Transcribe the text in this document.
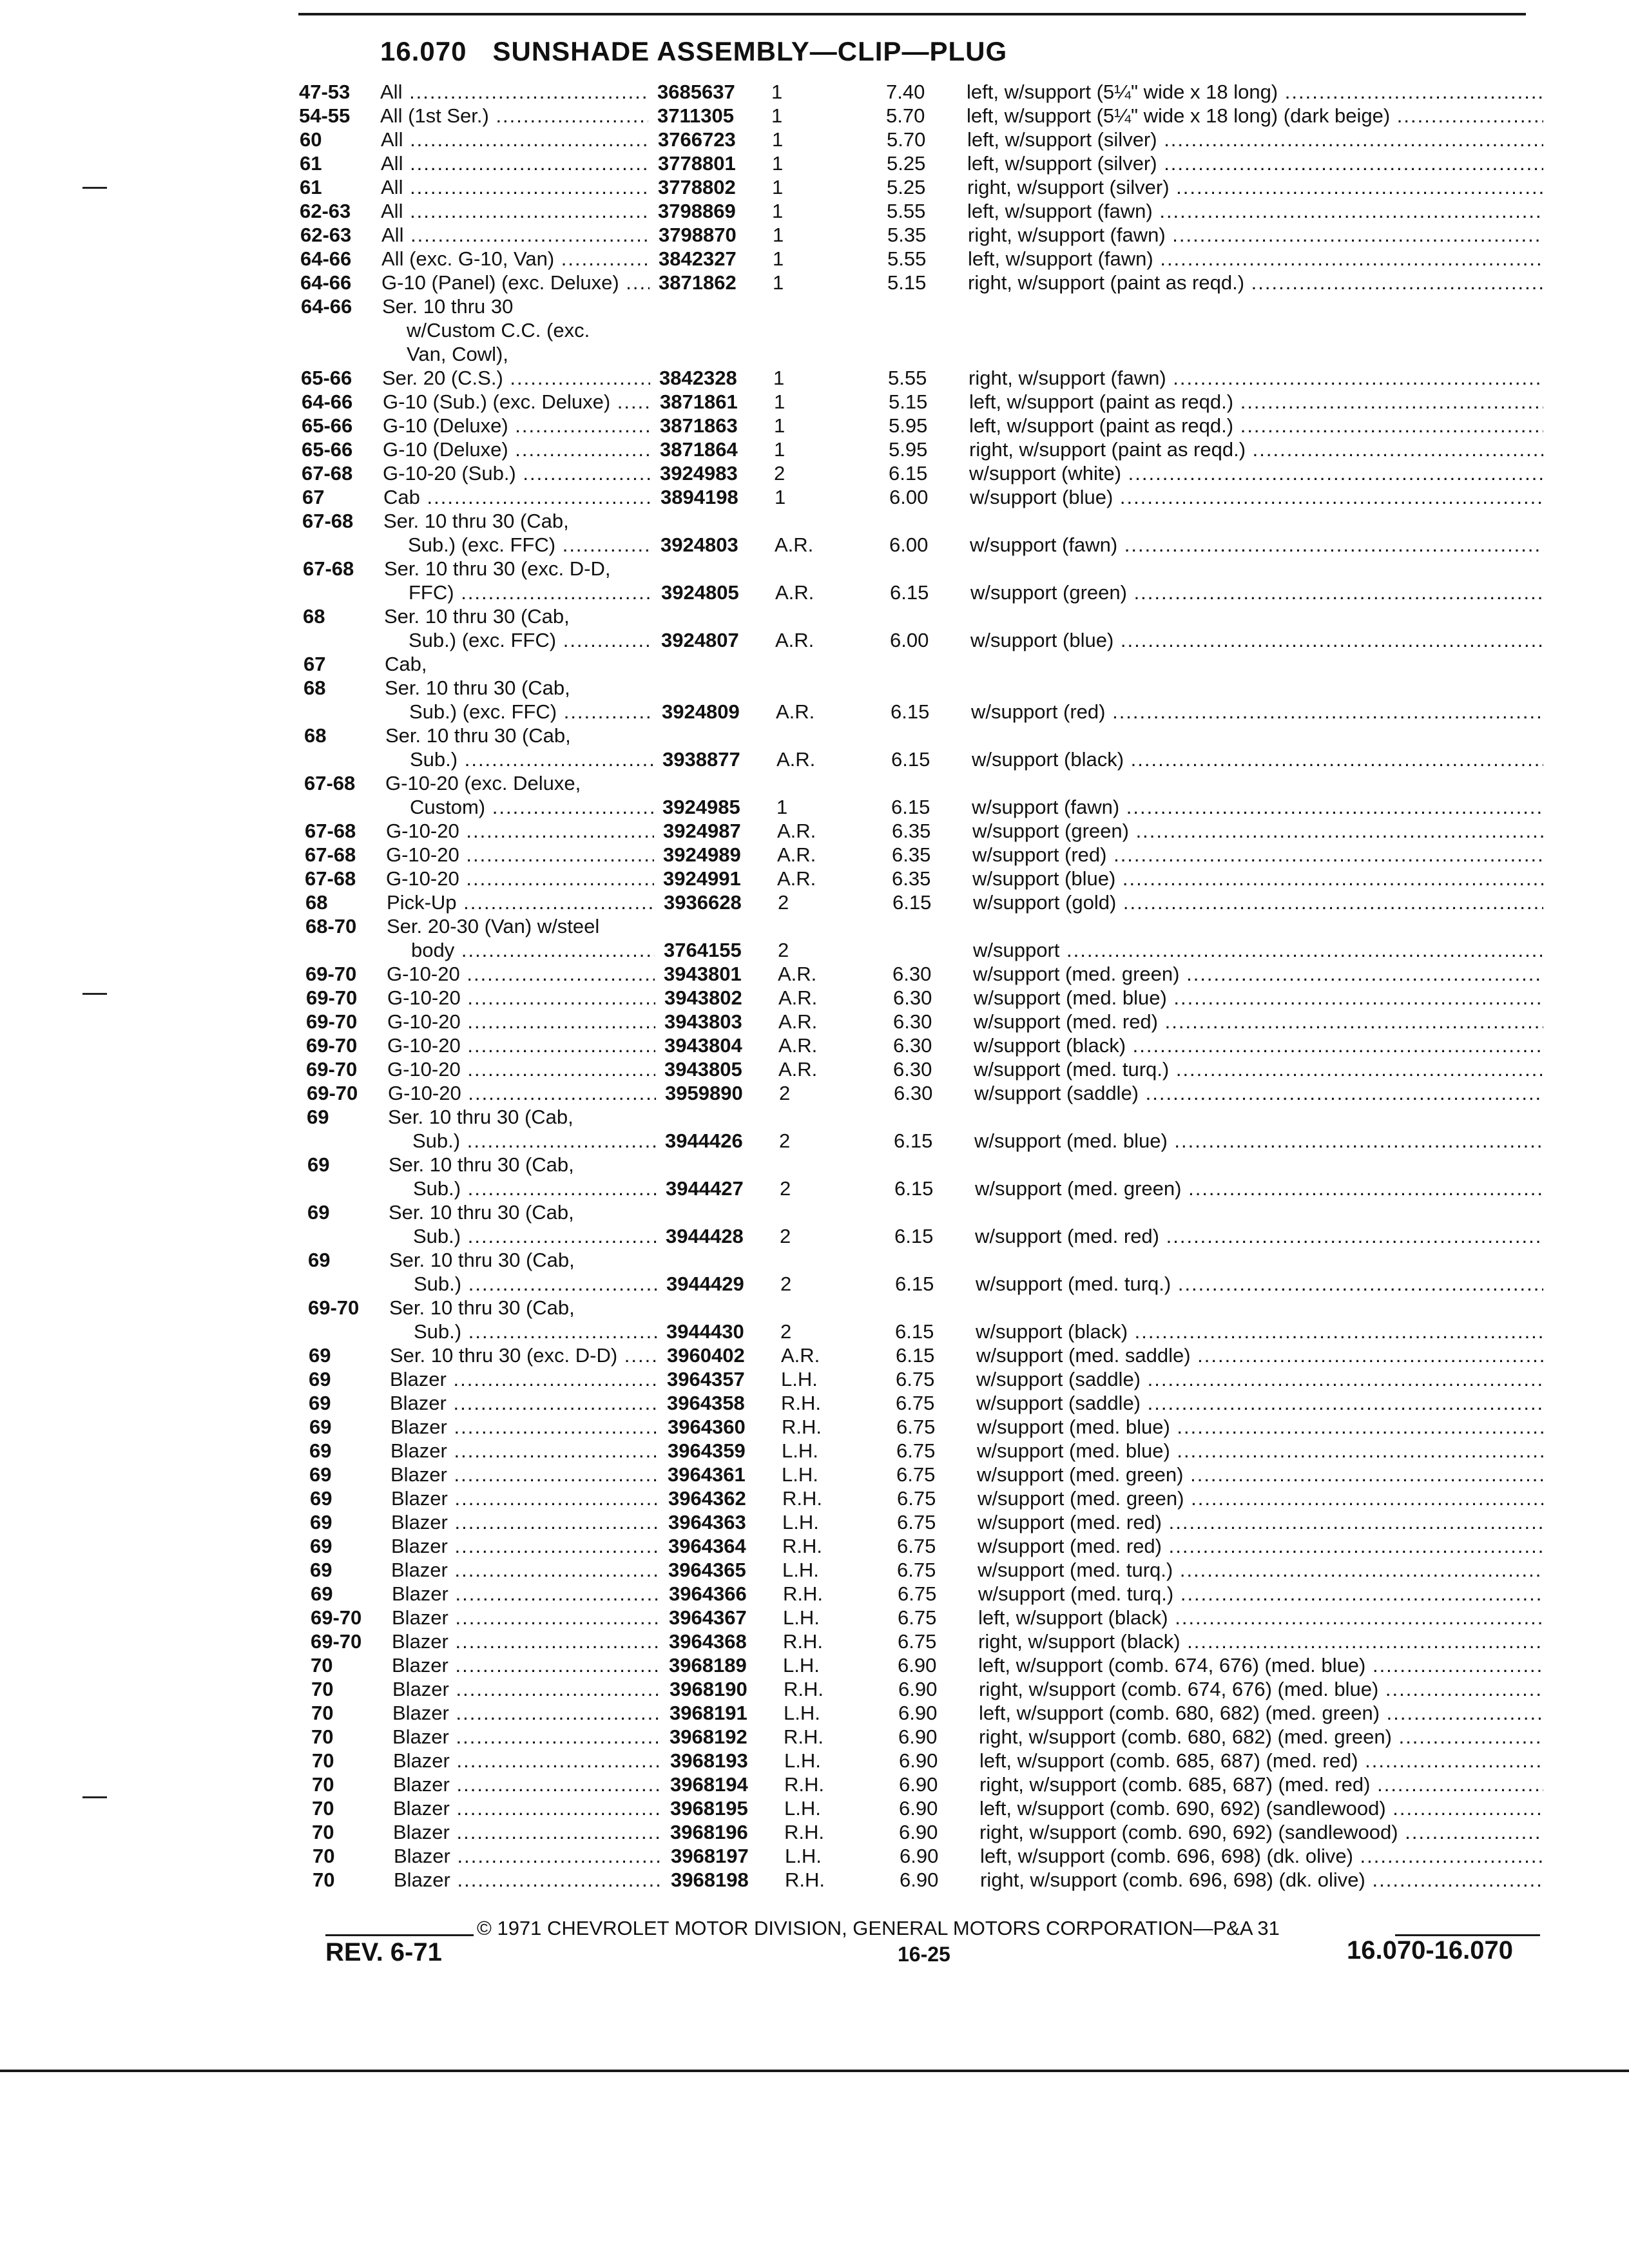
16.070 SUNSHADE ASSEMBLY—CLIP—PLUG
47-53 All .....	3685637 1	7.40 left, w/support (5¼" wide x 18 long) .....
54-55 All (1st Ser.) .....	3711305 1	5.70 left, w/support (5¼" wide x 18 long) (dark beige) .....
60	All .....	3766723 1	5.70 left, w/support (silver) .....
61	All .....	3778801 1	5.25 left, w/support (silver) .....
61	All .....	3778802 1	5.25 right, w/support (silver) .....
62-63 All .....	3798869 1	5.55 left, w/support (fawn) .....
62-63 All .....	3798870 1	5.35 right, w/support (fawn) .....
64-66 All (exc. G-10, Van) .....	3842327 1	5.55 left, w/support (fawn) .....
64-66 G-10 (Panel) (exc. Deluxe) .....	3871862 1	5.15 right, w/support (paint as reqd.) .....
64-66 Ser. 10 thru 30
w/Custom C.C. (exc.
Van, Cowl),
65-66 Ser. 20 (C.S.) .....	3842328 1	5.55 right, w/support (fawn) .....
64-66 G-10 (Sub.) (exc. Deluxe) .....	3871861 1	5.15 left, w/support (paint as reqd.) .....
65-66 G-10 (Deluxe) .....	3871863 1	5.95 left, w/support (paint as reqd.) .....
65-66 G-10 (Deluxe) .....	3871864 1	5.95 right, w/support (paint as reqd.) .....
67-68 G-10-20 (Sub.) .....	3924983 2	6.15 w/support (white) .....
67	Cab .....	3894198 1	6.00 w/support (blue) .....
67-68 Ser. 10 thru 30 (Cab,
Sub.) (exc. FFC) .....	3924803 A.R.	6.00 w/support (fawn) .....
67-68 Ser. 10 thru 30 (exc. D-D,
FFC) .....	3924805 A.R.	6.15 w/support (green) .....
68	Ser. 10 thru 30 (Cab,
Sub.) (exc. FFC) .....	3924807 A.R.	6.00 w/support (blue) .....
67	Cab,
68	Ser. 10 thru 30 (Cab,
Sub.) (exc. FFC) .....	3924809 A.R.	6.15 w/support (red) .....
68	Ser. 10 thru 30 (Cab,
Sub.) .....	3938877 A.R.	6.15 w/support (black) .....
67-68 G-10-20 (exc. Deluxe,
Custom) .....	3924985 1	6.15 w/support (fawn) .....
67-68 G-10-20 .....	3924987 A.R.	6.35 w/support (green) .....
67-68 G-10-20 .....	3924989 A.R.	6.35 w/support (red) .....
67-68 G-10-20 .....	3924991 A.R.	6.35 w/support (blue) .....
68	Pick-Up .....	3936628 2	6.15 w/support (gold) .....
68-70 Ser. 20-30 (Van) w/steel
body .....	3764155 2	w/support .....
69-70 G-10-20 .....	3943801 A.R.	6.30 w/support (med. green) .....
69-70 G-10-20 .....	3943802 A.R.	6.30 w/support (med. blue) .....
69-70 G-10-20 .....	3943803 A.R.	6.30 w/support (med. red) .....
69-70 G-10-20 .....	3943804 A.R.	6.30 w/support (black) .....
69-70 G-10-20 .....	3943805 A.R.	6.30 w/support (med. turq.) .....
69-70 G-10-20 .....	3959890 2	6.30 w/support (saddle) .....
69	Ser. 10 thru 30 (Cab,
Sub.) .....	3944426 2	6.15 w/support (med. blue) .....
69	Ser. 10 thru 30 (Cab,
Sub.) .....	3944427 2	6.15 w/support (med. green) .....
69	Ser. 10 thru 30 (Cab,
Sub.) .....	3944428 2	6.15 w/support (med. red) .....
69	Ser. 10 thru 30 (Cab,
Sub.) .....	3944429 2	6.15 w/support (med. turq.) .....
69-70 Ser. 10 thru 30 (Cab,
Sub.) .....	3944430 2	6.15 w/support (black) .....
69	Ser. 10 thru 30 (exc. D-D) .....	3960402 A.R.	6.15 w/support (med. saddle) .....
69	Blazer .....	3964357 L.H.	6.75 w/support (saddle) .....
69	Blazer .....	3964358 R.H.	6.75 w/support (saddle) .....
69	Blazer .....	3964360 R.H.	6.75 w/support (med. blue) .....
69	Blazer .....	3964359 L.H.	6.75 w/support (med. blue) .....
69	Blazer .....	3964361 L.H.	6.75 w/support (med. green) .....
69	Blazer .....	3964362 R.H.	6.75 w/support (med. green) .....
69	Blazer .....	3964363 L.H.	6.75 w/support (med. red) .....
69	Blazer .....	3964364 R.H.	6.75 w/support (med. red) .....
69	Blazer .....	3964365 L.H.	6.75 w/support (med. turq.) .....
69	Blazer .....	3964366 R.H.	6.75 w/support (med. turq.) .....
69-70 Blazer .....	3964367 L.H.	6.75 left, w/support (black) .....
69-70 Blazer .....	3964368 R.H.	6.75 right, w/support (black) .....
70	Blazer .....	3968189 L.H.	6.90 left, w/support (comb. 674, 676) (med. blue) .....
70	Blazer .....	3968190 R.H.	6.90 right, w/support (comb. 674, 676) (med. blue) .....
70	Blazer .....	3968191 L.H.	6.90 left, w/support (comb. 680, 682) (med. green) .....
70	Blazer .....	3968192 R.H.	6.90 right, w/support (comb. 680, 682) (med. green) .....
70	Blazer .....	3968193 L.H.	6.90 left, w/support (comb. 685, 687) (med. red) .....
70	Blazer .....	3968194 R.H.	6.90 right, w/support (comb. 685, 687) (med. red) .....
70	Blazer .....	3968195 L.H.	6.90 left, w/support (comb. 690, 692) (sandlewood) .....
70	Blazer .....	3968196 R.H.	6.90 right, w/support (comb. 690, 692) (sandlewood) .....
70	Blazer .....	3968197 L.H.	6.90 left, w/support (comb. 696, 698) (dk. olive) .....
70	Blazer .....	3968198 R.H.	6.90 right, w/support (comb. 696, 698) (dk. olive) .....
© 1971 CHEVROLET MOTOR DIVISION, GENERAL MOTORS CORPORATION—P&A 31
REV. 6-71	16-25	16.070-16.070
